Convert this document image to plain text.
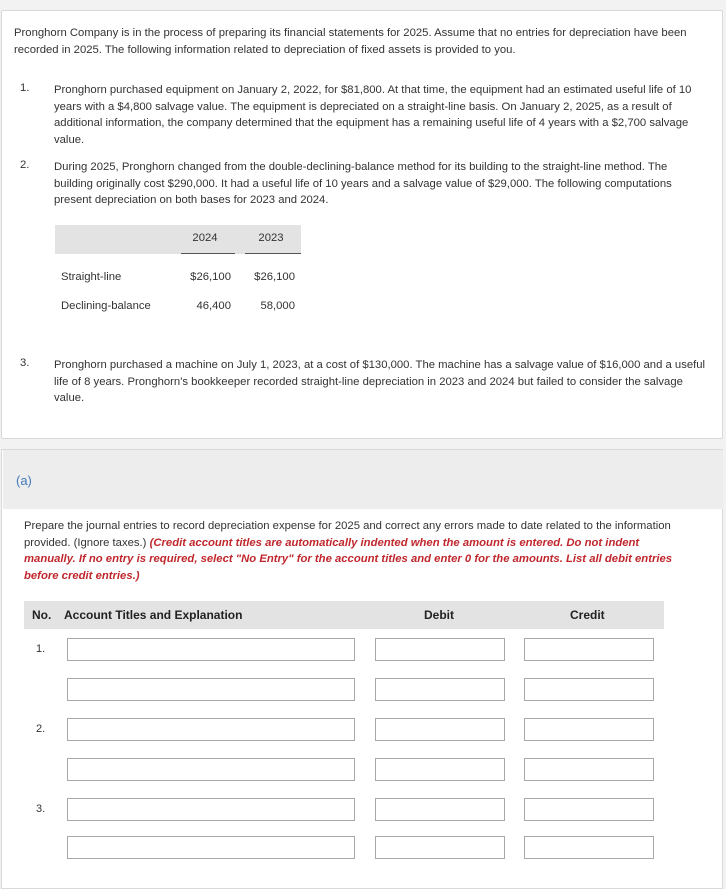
Pronghorn Company is in the process of preparing its financial statements for 2025. Assume that no entries for depreciation have been recorded in 2025. The following information related to depreciation of fixed assets is provided to you.
1. Pronghorn purchased equipment on January 2, 2022, for $81,800. At that time, the equipment had an estimated useful life of 10 years with a $4,800 salvage value. The equipment is depreciated on a straight-line basis. On January 2, 2025, as a result of additional information, the company determined that the equipment has a remaining useful life of 4 years with a $2,700 salvage value.
2. During 2025, Pronghorn changed from the double-declining-balance method for its building to the straight-line method. The building originally cost $290,000. It had a useful life of 10 years and a salvage value of $29,000. The following computations present depreciation on both bases for 2023 and 2024.
2024	2023
Straight-line	$26,100	$26,100
Declining-balance	46,400	58,000
3. Pronghorn purchased a machine on July 1, 2023, at a cost of $130,000. The machine has a salvage value of $16,000 and a useful life of 8 years. Pronghorn's bookkeeper recorded straight-line depreciation in 2023 and 2024 but failed to consider the salvage value.
(a)
Prepare the journal entries to record depreciation expense for 2025 and correct any errors made to date related to the information provided. (Ignore taxes.) (Credit account titles are automatically indented when the amount is entered. Do not indent manually. If no entry is required, select "No Entry" for the account titles and enter 0 for the amounts. List all debit entries before credit entries.)
No. Account Titles and Explanation	Debit	Credit
1.
2.
3.
